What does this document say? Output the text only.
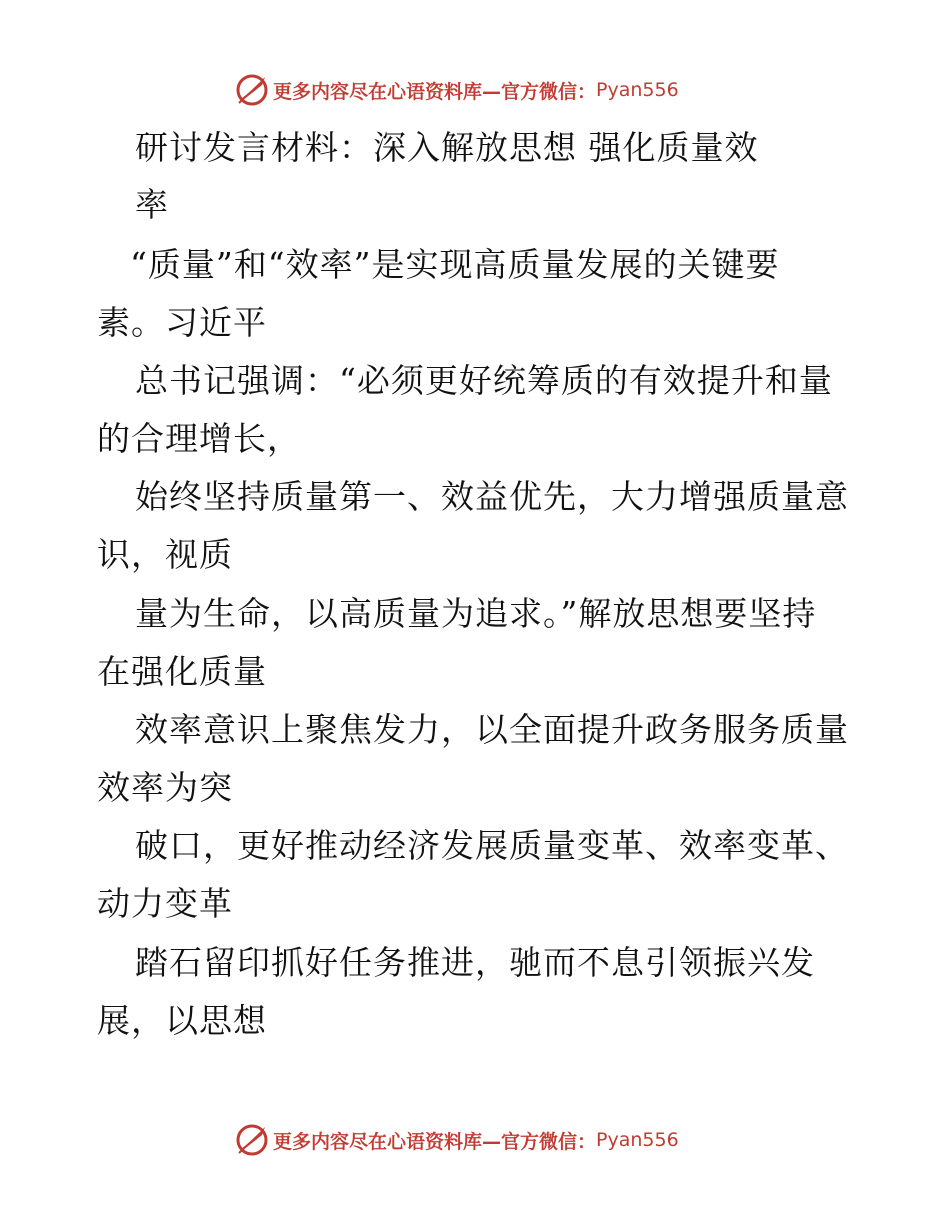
更多内容尽在心语资料库—官方微信： Pyan556
研讨发言材料：深入解放思想 强化质量效
率
“质量”和“效率”是实现高质量发展的关键要
素。习近平
总书记强调：“必须更好统筹质的有效提升和量
的合理增长，
始终坚持质量第一、效益优先，大力增强质量意
识，视质
量为生命，以高质量为追求。”解放思想要坚持
在强化质量
效率意识上聚焦发力，以全面提升政务服务质量
效率为突
破口，更好推动经济发展质量变革、效率变革、
动力变革
踏石留印抓好任务推进，驰而不息引领振兴发
展，以思想
更多内容尽在心语资料库—官方微信： Pyan556
